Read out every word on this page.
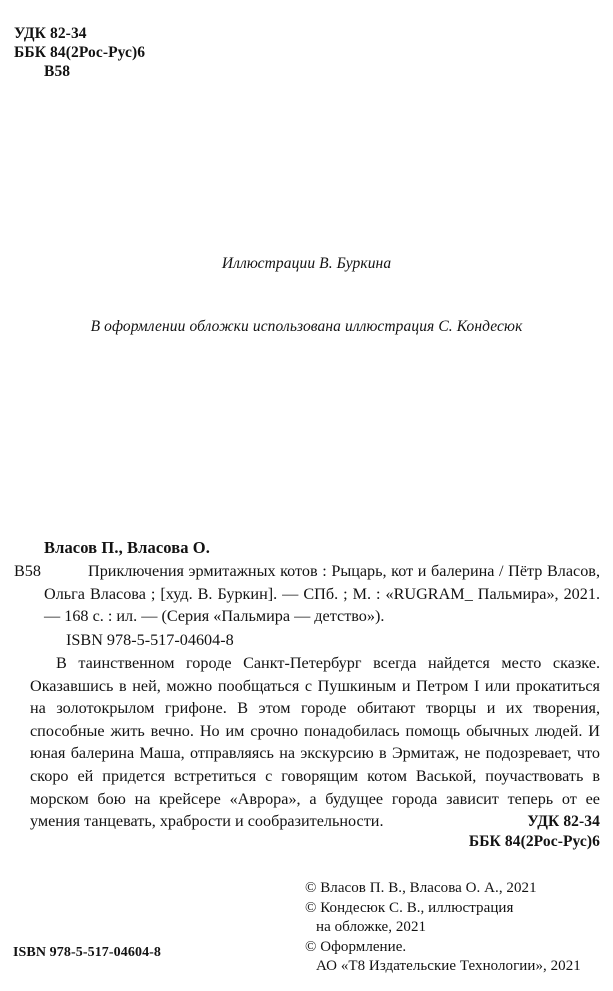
УДК 82-34
ББК 84(2Рос-Рус)6
В58
Иллюстрации В. Буркина
В оформлении обложки использована иллюстрация С. Кондесюк
Власов П., Власова О.
В58	Приключения эрмитажных котов : Рыцарь, кот и балерина / Пётр Власов, Ольга Власова ; [худ. В. Буркин]. — СПб. ; М. : «RUGRAM_ Пальмира», 2021. — 168 с. : ил. — (Серия «Пальмира — детство»).

ISBN 978-5-517-04604-8

В таинственном городе Санкт-Петербург всегда найдется место сказке. Оказавшись в ней, можно пообщаться с Пушкиным и Петром I или прокатиться на золотокрылом грифоне. В этом городе обитают творцы и их творения, способные жить вечно. Но им срочно понадобилась помощь обычных людей. И юная балерина Маша, отправляясь на экскурсию в Эрмитаж, не подозревает, что скоро ей придется встретиться с говорящим котом Васькой, поучаствовать в морском бою на крейсере «Аврора», а будущее города зависит теперь от ее умения танцевать, храбрости и сообразительности.	УДК 82-34
ББК 84(2Рос-Рус)6
© Власов П. В., Власова О. А., 2021
© Кондесюк С. В., иллюстрация
на обложке, 2021
© Оформление.
АО «Т8 Издательские Технологии», 2021
ISBN 978-5-517-04604-8
